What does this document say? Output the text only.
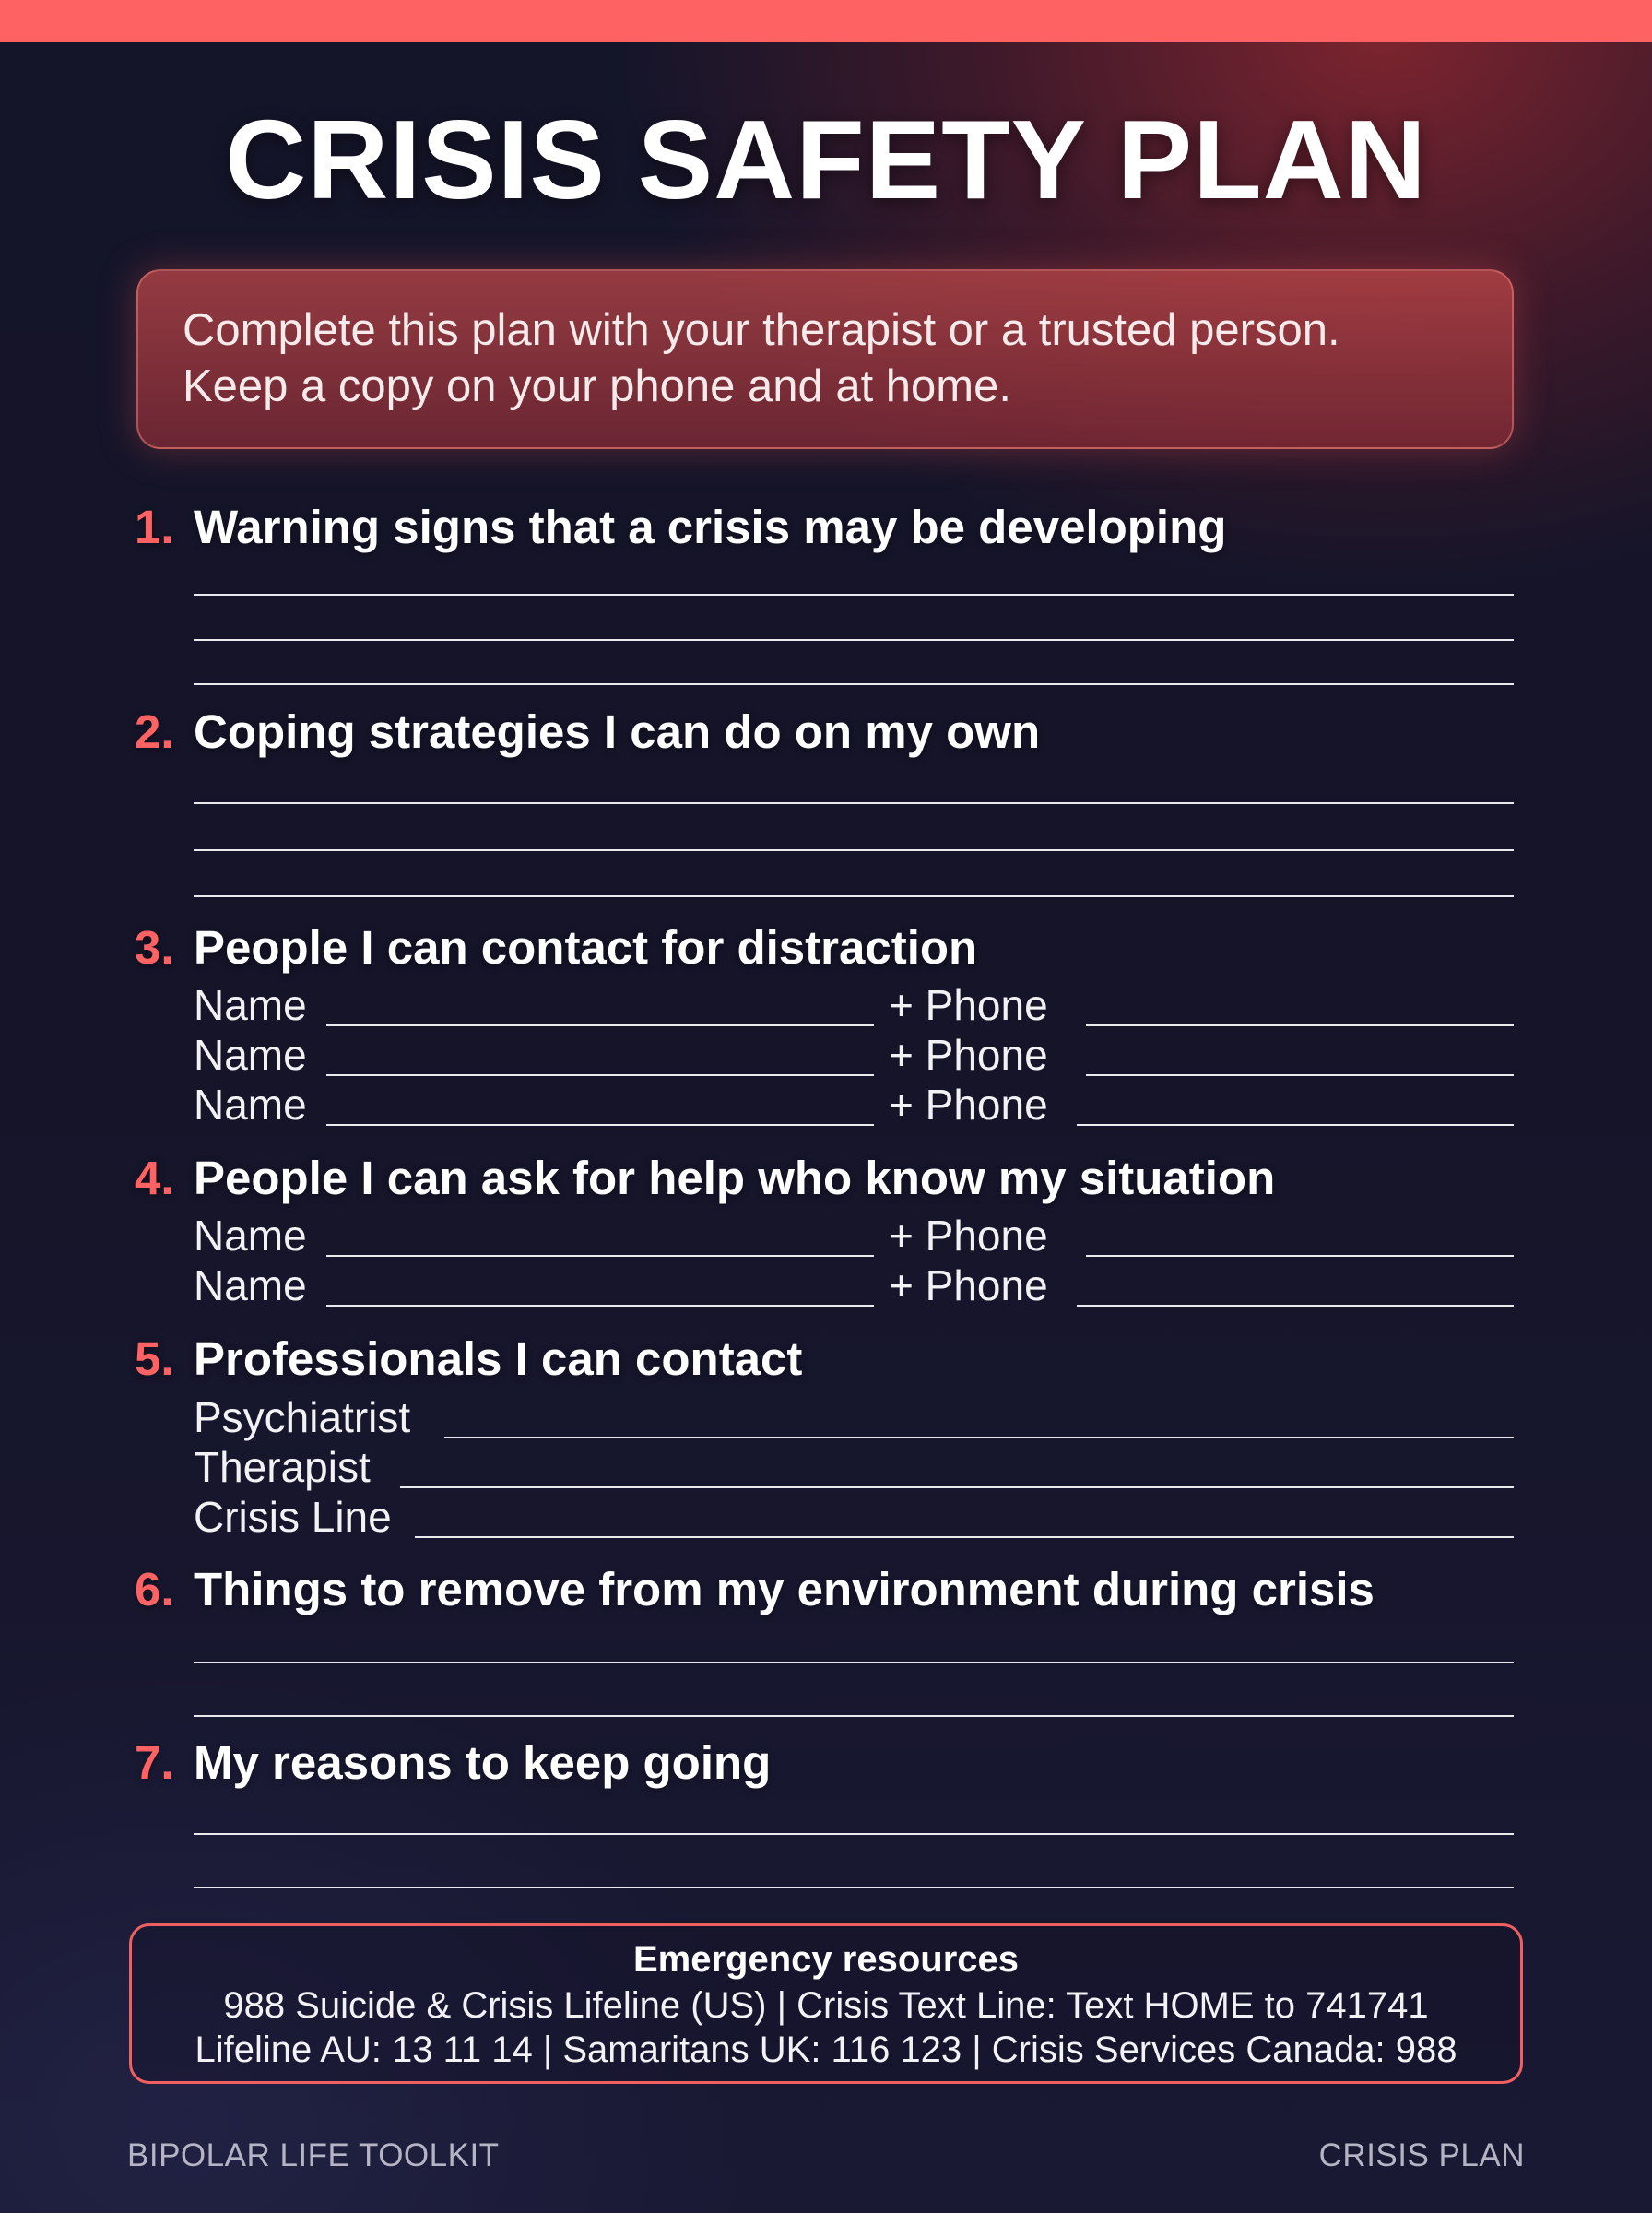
CRISIS SAFETY PLAN

Complete this plan with your therapist or a trusted person.

Keep a copy on your phone and at home.

1. Warning signs that a crisis may be developing
2. Coping strategies I can do on my own
3. People I can contact for distraction
Name	+ Phone
Name	+ Phone
Name	+ Phone
4. People I can ask for help who know my situation
Name	+ Phone
Name	+ Phone
5. Professionals I can contact
Psychiatrist
Therapist
Crisis Line
6. Things to remove from my environment during crisis
7. My reasons to keep going
Emergency resources
988 Suicide & Crisis Lifeline (US) | Crisis Text Line: Text HOME to 741741
Lifeline AU: 13 11 14 | Samaritans UK: 116 123 | Crisis Services Canada: 988
BIPOLAR LIFE TOOLKIT	CRISIS PLAN
